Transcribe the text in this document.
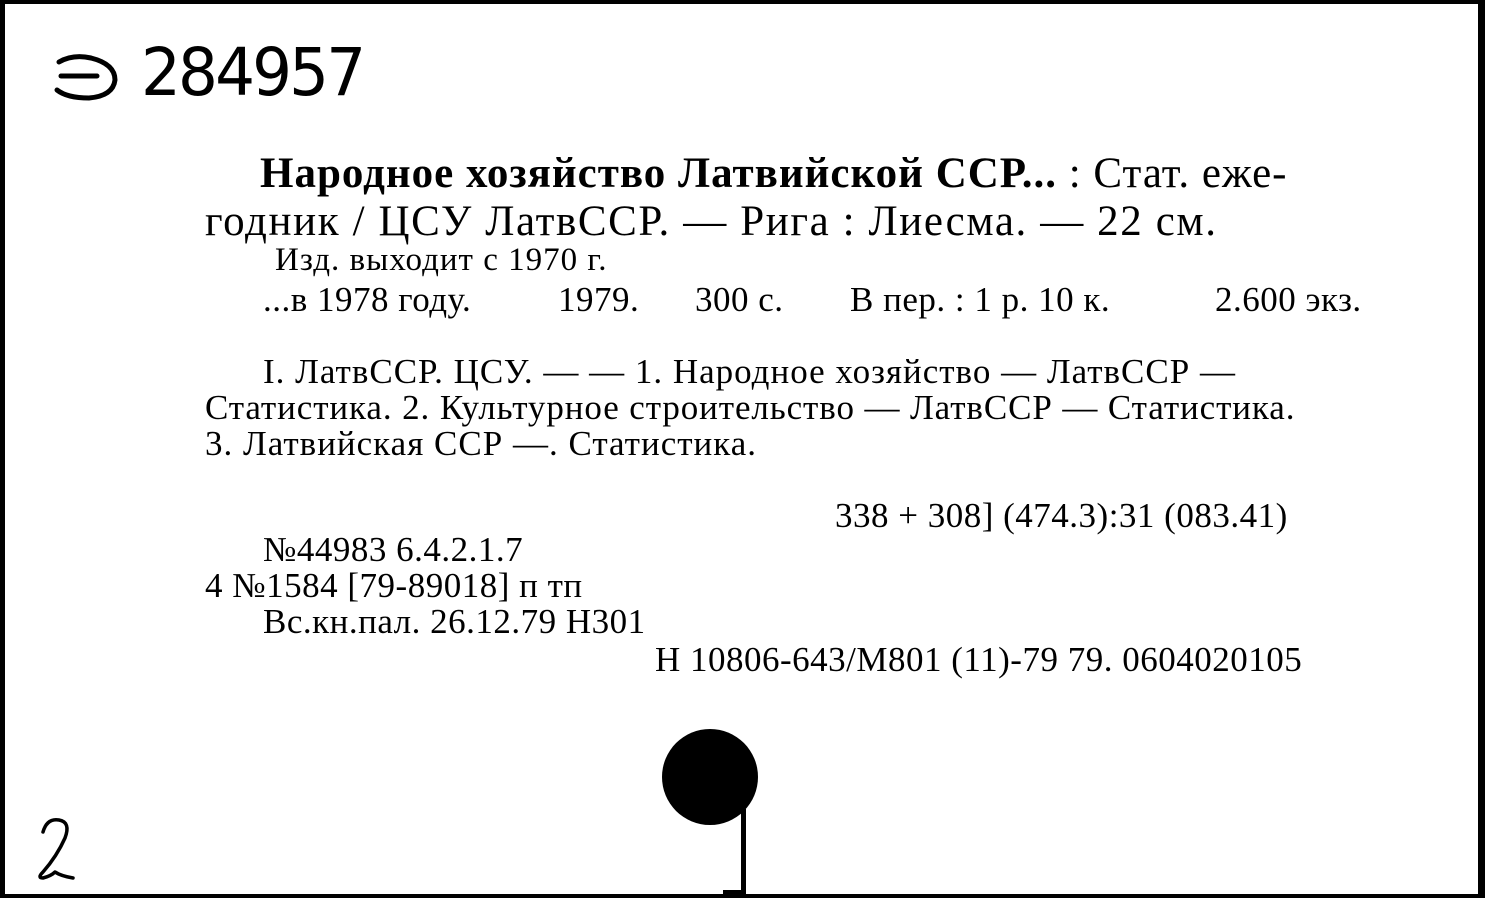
284957
Народное хозяйство Латвийской ССР... : Стат. еже-
годник / ЦСУ ЛатвССР. — Рига : Лиесма. — 22 см.
Изд. выходит с 1970 г.
...в 1978 году. 1979. 300 с. В пер. : 1 р. 10 к.	2.600 экз.
I. ЛатвССР. ЦСУ. — — 1. Народное хозяйство — ЛатвССР —
Статистика. 2. Культурное строительство — ЛатвССР — Статистика.
3. Латвийская ССР —. Статистика.
338 + 308] (474.3):31 (083.41)
№44983 6.4.2.1.7
4 №1584 [79-89018] п тп
Вс.кн.пал. 26.12.79 Н301
Н 10806-643/М801 (11)-79 79. 0604020105
